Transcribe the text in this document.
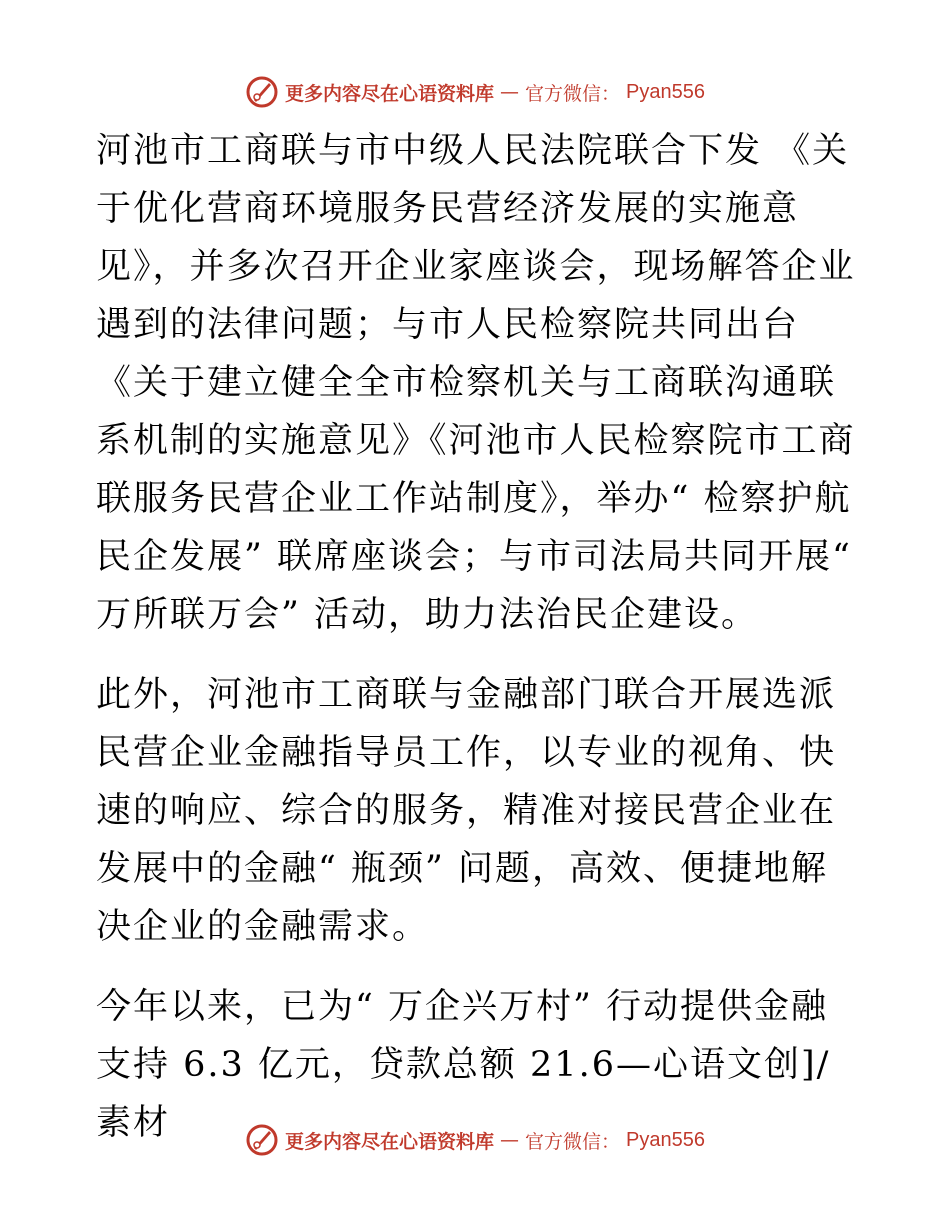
更多内容尽在心语资料库 — 官方微信： Pyan556

河池市工商联与市中级人民法院联合下发 《关于优化营商环境服务民营经济发展的实施意见》，并多次召开企业家座谈会，现场解答企业遇到的法律问题；与市人民检察院共同出台《关于建立健全全市检察机关与工商联沟通联系机制的实施意见》《河池市人民检察院市工商联服务民营企业工作站制度》，举办“ 检察护航民企发展” 联席座谈会；与市司法局共同开展“ 万所联万会” 活动，助力法治民企建设。

此外，河池市工商联与金融部门联合开展选派民营企业金融指导员工作，以专业的视角、快速的响应、综合的服务，精准对接民营企业在发展中的金融“ 瓶颈” 问题，高效、便捷地解决企业的金融需求。

今年以来，已为“ 万企兴万村” 行动提供金融支持 6.3 亿元，贷款总额 21.6—心语文创]/素材	更多内容尽在心语资料库 — 官方微信： Pyan556
